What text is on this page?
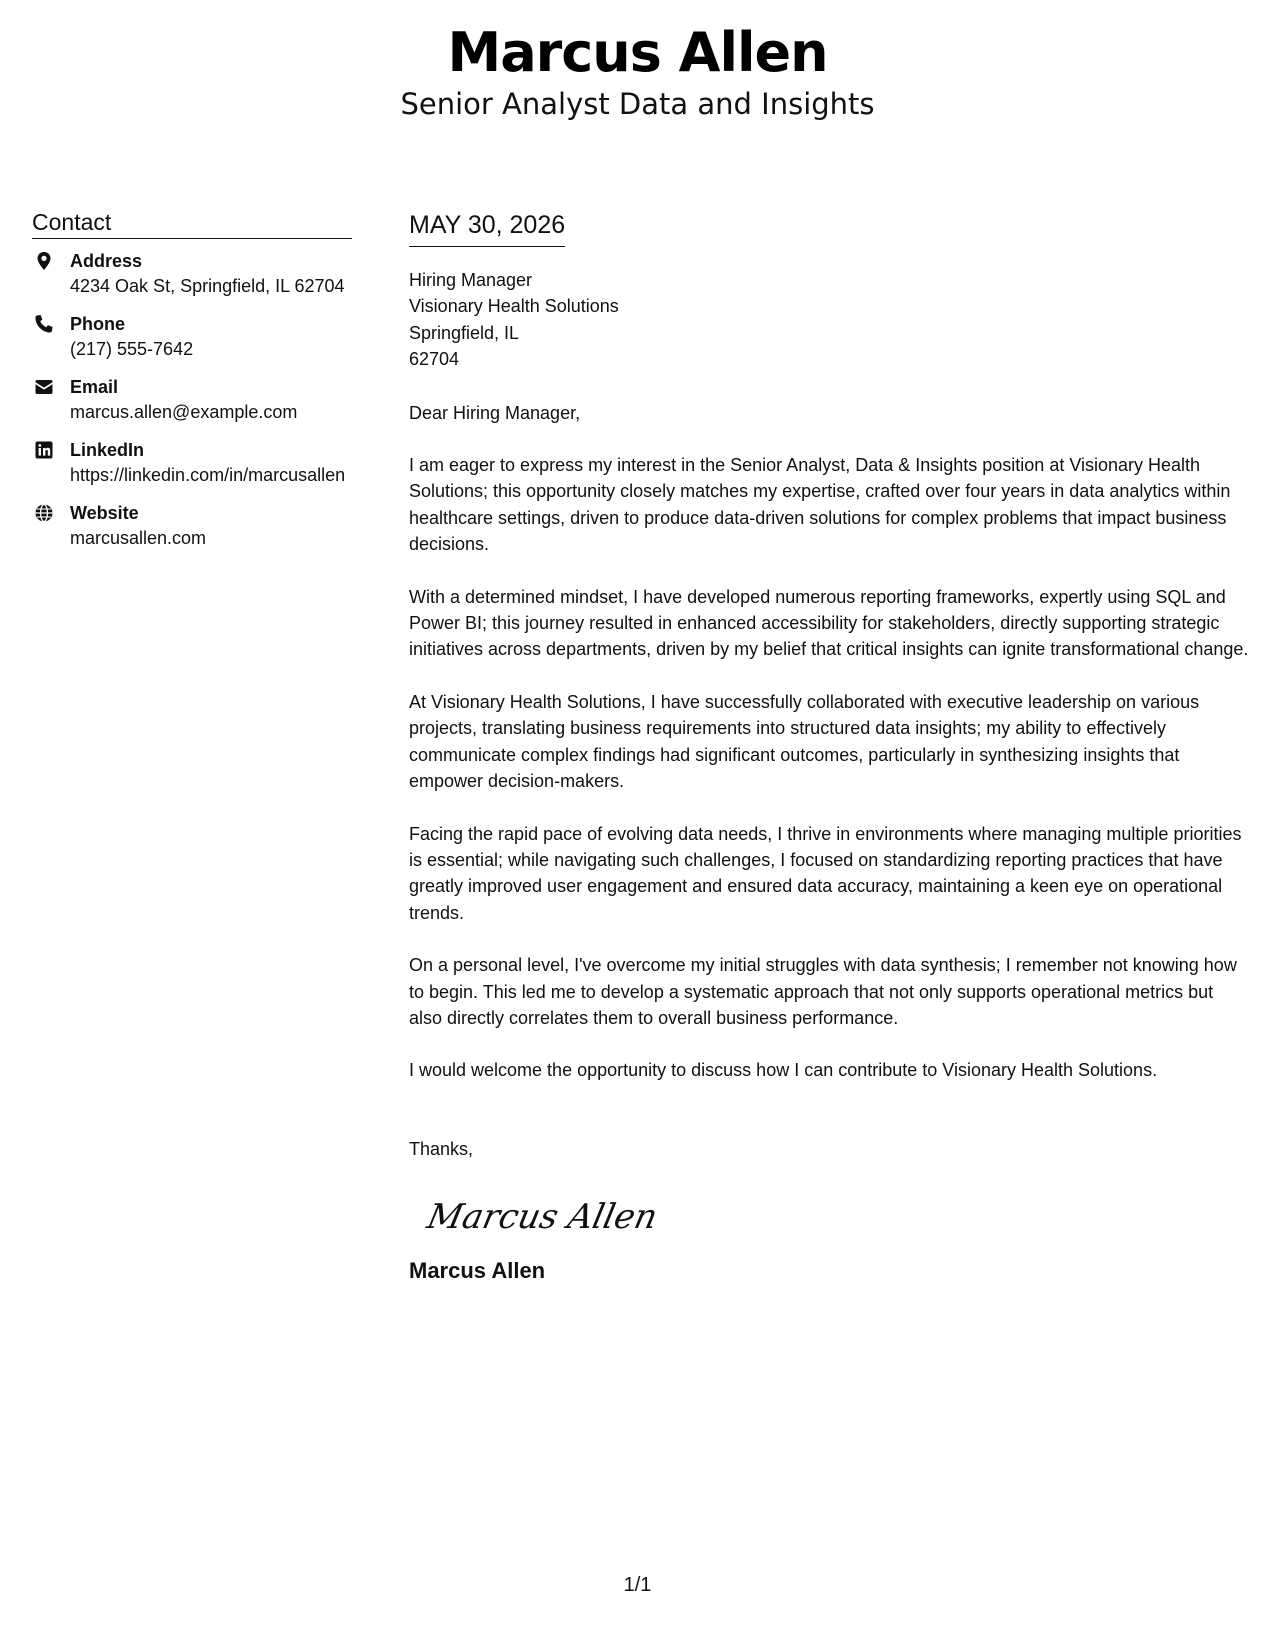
Marcus Allen
Senior Analyst Data and Insights
Contact
Address
4234 Oak St, Springfield, IL 62704
Phone
(217) 555-7642
Email
marcus.allen@example.com
LinkedIn
https://linkedin.com/in/marcusallen
Website
marcusallen.com
MAY 30, 2026
Hiring Manager
Visionary Health Solutions
Springfield, IL
62704
Dear Hiring Manager,
I am eager to express my interest in the Senior Analyst, Data & Insights position at Visionary Health Solutions; this opportunity closely matches my expertise, crafted over four years in data analytics within healthcare settings, driven to produce data-driven solutions for complex problems that impact business decisions.
With a determined mindset, I have developed numerous reporting frameworks, expertly using SQL and Power BI; this journey resulted in enhanced accessibility for stakeholders, directly supporting strategic initiatives across departments, driven by my belief that critical insights can ignite transformational change.
At Visionary Health Solutions, I have successfully collaborated with executive leadership on various projects, translating business requirements into structured data insights; my ability to effectively communicate complex findings had significant outcomes, particularly in synthesizing insights that empower decision-makers.
Facing the rapid pace of evolving data needs, I thrive in environments where managing multiple priorities is essential; while navigating such challenges, I focused on standardizing reporting practices that have greatly improved user engagement and ensured data accuracy, maintaining a keen eye on operational trends.
On a personal level, I've overcome my initial struggles with data synthesis; I remember not knowing how to begin. This led me to develop a systematic approach that not only supports operational metrics but also directly correlates them to overall business performance.
I would welcome the opportunity to discuss how I can contribute to Visionary Health Solutions.
Thanks,
Marcus Allen
Marcus Allen
1/1
